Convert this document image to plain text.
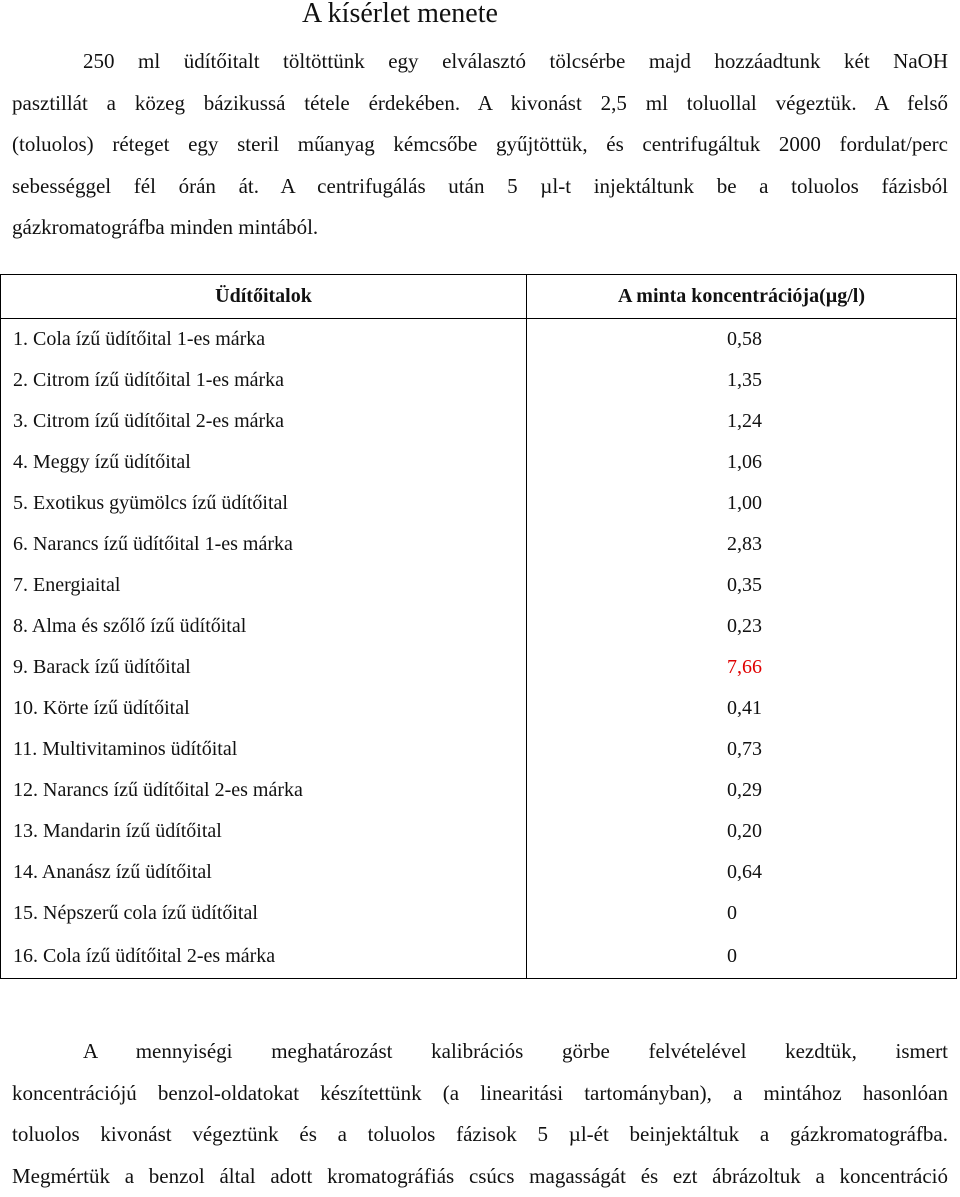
A kísérlet menete
250 ml üdítőitalt töltöttünk egy elválasztó tölcsérbe majd hozzáadtunk két NaOH
pasztillát a közeg bázikussá tétele érdekében. A kivonást 2,5 ml toluollal végeztük. A felső
(toluolos) réteget egy steril műanyag kémcsőbe gyűjtöttük, és centrifugáltuk 2000 fordulat/perc
sebességgel fél órán át. A centrifugálás után 5 µl-t injektáltunk be a toluolos fázisból
gázkromatográfba minden mintából.
Üdítőitalok	A minta koncentrációja(µg/l)
1. Cola ízű üdítőital 1-es márka	0,58
2. Citrom ízű üdítőital 1-es márka	1,35
3. Citrom ízű üdítőital 2-es márka	1,24
4. Meggy ízű üdítőital	1,06
5. Exotikus gyümölcs ízű üdítőital	1,00
6. Narancs ízű üdítőital 1-es márka	2,83
7. Energiaital	0,35
8. Alma és szőlő ízű üdítőital	0,23
9. Barack ízű üdítőital	7,66
10. Körte ízű üdítőital	0,41
11. Multivitaminos üdítőital	0,73
12. Narancs ízű üdítőital 2-es márka	0,29
13. Mandarin ízű üdítőital	0,20
14. Ananász ízű üdítőital	0,64
15. Népszerű cola ízű üdítőital	0
16. Cola ízű üdítőital 2-es márka	0
A mennyiségi meghatározást kalibrációs görbe felvételével kezdtük, ismert
koncentrációjú benzol-oldatokat készítettünk (a linearitási tartományban), a mintához hasonlóan
toluolos kivonást végeztünk és a toluolos fázisok 5 µl-ét beinjektáltuk a gázkromatográfba.
Megmértük a benzol által adott kromatográfiás csúcs magasságát és ezt ábrázoltuk a koncentráció
